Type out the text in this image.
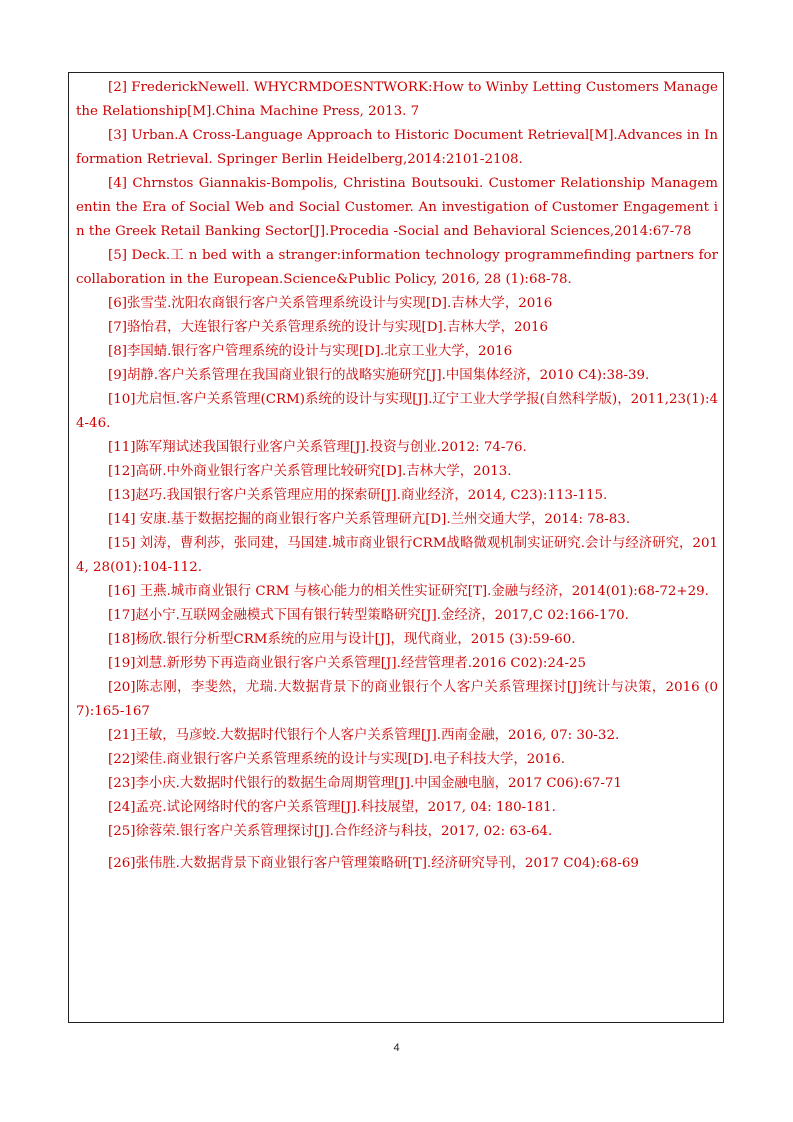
[2] FrederickNewell. WHYCRMDOESNTWORK:How to Winby Letting Customers Managethe Relationship[M].China Machine Press, 2013. 7

[3] Urban.A Cross-Language Approach to Historic Document Retrieval[M].Advances in Information Retrieval. Springer Berlin Heidelberg,2014:2101-2108.

[4] Chrnstos Giannakis-Bompolis, Christina Boutsouki. Customer Relationship Managementin the Era of Social Web and Social Customer. An investigation of Customer Engagement in the Greek Retail Banking Sector[J].Procedia -Social and Behavioral Sciences,2014:67-78

[5] Deck.工 n bed with a stranger:information technology programmefinding partners for collaboration in the European.Science&Public Policy, 2016, 28 (1):68-78.

[6]张雪莹.沈阳农商银行客户关系管理系统设计与实现[D].吉林大学，2016

[7]骆怡君，大连银行客户关系管理系统的设计与实现[D].吉林大学，2016

[8]李国蜻.银行客户管理系统的设计与实现[D].北京工业大学，2016

[9]胡静.客户关系管理在我国商业银行的战略实施研究[J].中国集体经济，2010 C4):38-39.

[10]尤启恒.客户关系管理(CRM)系统的设计与实现[J].辽宁工业大学学报(自然科学版)，2011,23(1):44-46.

[11]陈军翔试述我国银行业客户关系管理[J].投资与创业.2012: 74-76.

[12]高研.中外商业银行客户关系管理比较研究[D].吉林大学，2013.

[13]赵巧.我国银行客户关系管理应用的探索研[J].商业经济，2014, C23):113-115.

[14] 安康.基于数据挖掘的商业银行客户关系管理研亢[D].兰州交通大学，2014: 78-83.

[15] 刘涛，曹利莎，张同建，马国建.城市商业银行CRM战略微观机制实证研究.会计与经济研究，2014, 28(01):104-112.

[16] 王燕.城市商业银行 CRM 与核心能力的相关性实证研究[T].金融与经济，2014(01):68-72+29.

[17]赵小宁.互联网金融模式下国有银行转型策略研究[J].金经济，2017,C 02:166-170.

[18]杨欣.银行分析型CRM系统的应用与设计[J]，现代商业，2015 (3):59-60.

[19]刘慧.新形势下再造商业银行客户关系管理[J].经营管理者.2016 C02):24-25

[20]陈志刚，李斐然，尤瑞.大数据背景下的商业银行个人客户关系管理探讨[J]统计与决策，2016 (07):165-167

[21]王敏，马彦蛟.大数据时代银行个人客户关系管理[J].西南金融，2016, 07: 30-32.

[22]梁佳.商业银行客户关系管理系统的设计与实现[D].电子科技大学，2016.

[23]李小庆.大数据时代银行的数据生命周期管理[J].中国金融电脑，2017 C06):67-71

[24]孟亮.试论网络时代的客户关系管理[J].科技展望，2017, 04: 180-181.

[25]徐蓉荣.银行客户关系管理探讨[J].合作经济与科技，2017, 02: 63-64.

[26]张伟胜.大数据背景下商业银行客户管理策略研[T].经济研究导刊，2017 C04):68-69

4
